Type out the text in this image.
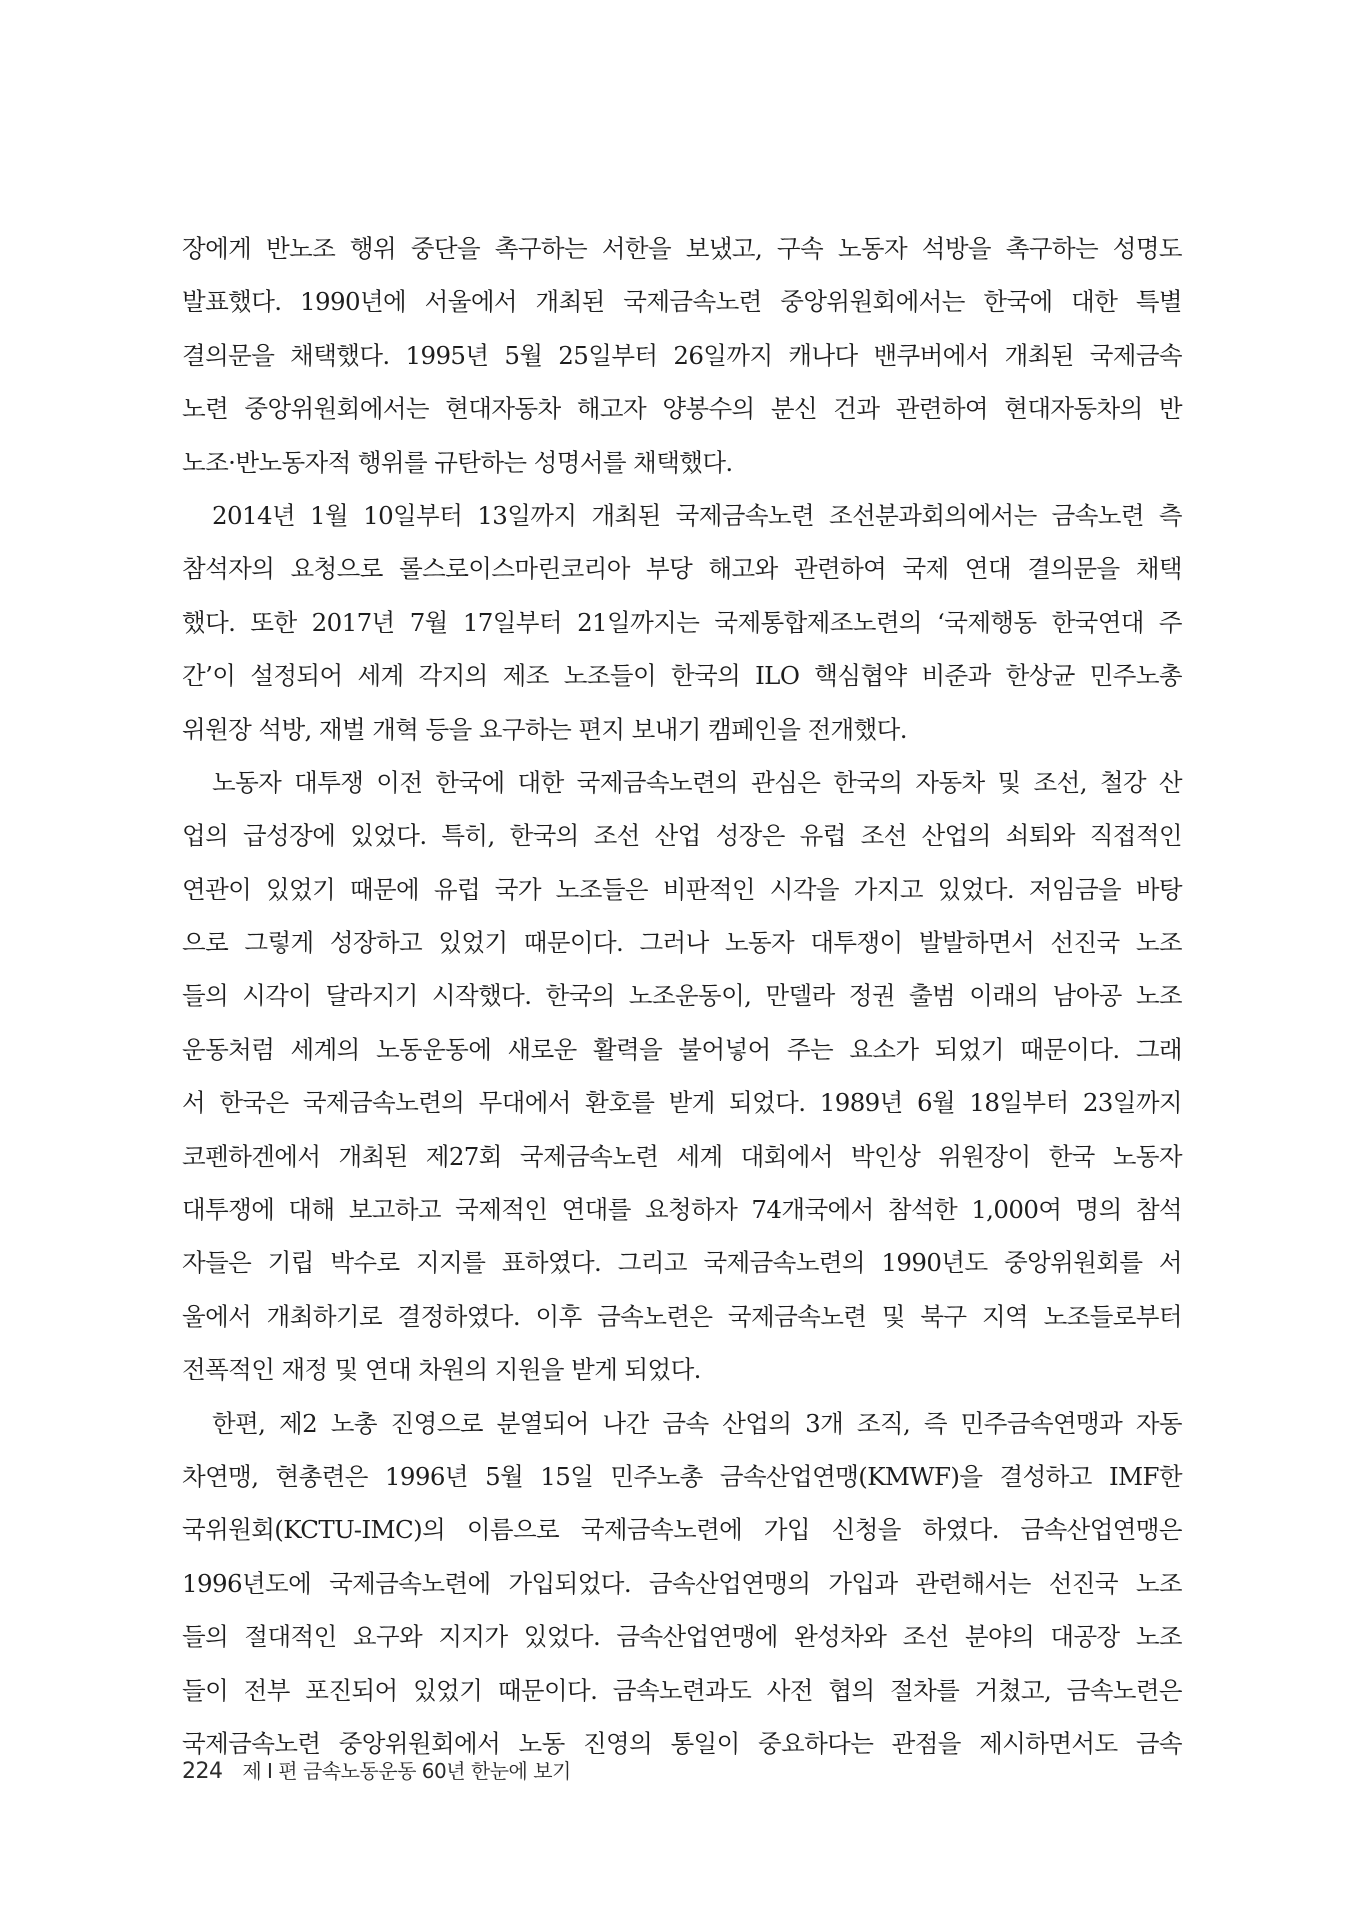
장에게 반노조 행위 중단을 촉구하는 서한을 보냈고, 구속 노동자 석방을 촉구하는 성명도
발표했다. 1990년에 서울에서 개최된 국제금속노련 중앙위원회에서는 한국에 대한 특별
결의문을 채택했다. 1995년 5월 25일부터 26일까지 캐나다 밴쿠버에서 개최된 국제금속
노련 중앙위원회에서는 현대자동차 해고자 양봉수의 분신 건과 관련하여 현대자동차의 반
노조·반노동자적 행위를 규탄하는 성명서를 채택했다.
2014년 1월 10일부터 13일까지 개최된 국제금속노련 조선분과회의에서는 금속노련 측
참석자의 요청으로 롤스로이스마린코리아 부당 해고와 관련하여 국제 연대 결의문을 채택
했다. 또한 2017년 7월 17일부터 21일까지는 국제통합제조노련의 ‘국제행동 한국연대 주
간’이 설정되어 세계 각지의 제조 노조들이 한국의 ILO 핵심협약 비준과 한상균 민주노총
위원장 석방, 재벌 개혁 등을 요구하는 편지 보내기 캠페인을 전개했다.
노동자 대투쟁 이전 한국에 대한 국제금속노련의 관심은 한국의 자동차 및 조선, 철강 산
업의 급성장에 있었다. 특히, 한국의 조선 산업 성장은 유럽 조선 산업의 쇠퇴와 직접적인
연관이 있었기 때문에 유럽 국가 노조들은 비판적인 시각을 가지고 있었다. 저임금을 바탕
으로 그렇게 성장하고 있었기 때문이다. 그러나 노동자 대투쟁이 발발하면서 선진국 노조
들의 시각이 달라지기 시작했다. 한국의 노조운동이, 만델라 정권 출범 이래의 남아공 노조
운동처럼 세계의 노동운동에 새로운 활력을 불어넣어 주는 요소가 되었기 때문이다. 그래
서 한국은 국제금속노련의 무대에서 환호를 받게 되었다. 1989년 6월 18일부터 23일까지
코펜하겐에서 개최된 제27회 국제금속노련 세계 대회에서 박인상 위원장이 한국 노동자
대투쟁에 대해 보고하고 국제적인 연대를 요청하자 74개국에서 참석한 1,000여 명의 참석
자들은 기립 박수로 지지를 표하였다. 그리고 국제금속노련의 1990년도 중앙위원회를 서
울에서 개최하기로 결정하였다. 이후 금속노련은 국제금속노련 및 북구 지역 노조들로부터
전폭적인 재정 및 연대 차원의 지원을 받게 되었다.
한편, 제2 노총 진영으로 분열되어 나간 금속 산업의 3개 조직, 즉 민주금속연맹과 자동
차연맹, 현총련은 1996년 5월 15일 민주노총 금속산업연맹(KMWF)을 결성하고 IMF한
국위원회(KCTU-IMC)의 이름으로 국제금속노련에 가입 신청을 하였다. 금속산업연맹은
1996년도에 국제금속노련에 가입되었다. 금속산업연맹의 가입과 관련해서는 선진국 노조
들의 절대적인 요구와 지지가 있었다. 금속산업연맹에 완성차와 조선 분야의 대공장 노조
들이 전부 포진되어 있었기 때문이다. 금속노련과도 사전 협의 절차를 거쳤고, 금속노련은
국제금속노련 중앙위원회에서 노동 진영의 통일이 중요하다는 관점을 제시하면서도 금속
224 제 I 편 금속노동운동 60년 한눈에 보기
